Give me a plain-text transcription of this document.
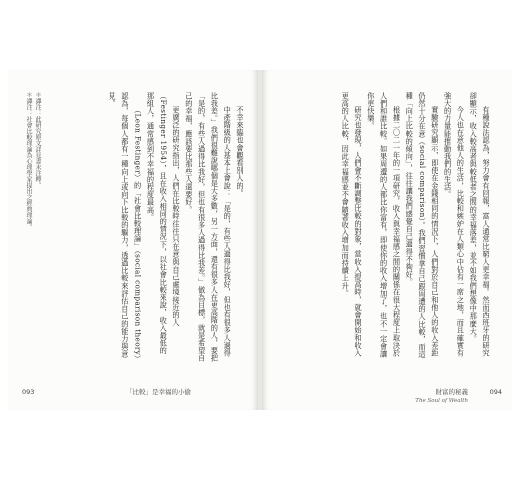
不幸來臨也會觀看別人的。

中產階級的人基本上會說：「是的，有些人過得比我好，但也有很多人過得比我差。」我們很難說哪個是大多數，另一方面，還有很多人在更高階的人，要把「是的，有些人過得比我好，但也有很多人過得比我差。」做為目標，就是希望自己的幸福，應該要比那些人還要好。

更廣泛的研究指出，人們在比較時往往只在意與自己處境接近的人（Festinger 1954），且在收入相同的情況下，以社會比較來說，收入最低的那組人，通常感到不幸福的程度最高。

（Leon Festinger）的「社會比較理論」（social comparison theory）認為，每個人都有一種向上或向下比較的驅力，透過比較來評估自己的能力與意見。

＊譯注：此研究原文詳見書末注釋。
＊譯注：社會比較理論為心理學家提出之經典理論。
093	「比較」是幸福的小偷

有種說法認為，努力會有回報，富人通常比窮人更幸福。然而西班牙的研究卻顯示，收入較高者與較低者之間的幸福落差，並不如我們想像中那麼大。

今人也在意他人的生活，比較和嫉妒在人類心中佔有一席之地，而且確實有強大的力量能推動我們的生活。

實驗研究顯示，即使在金錢相同的情況下，人們對於自己和他人的收入差距仍然十分在意（social comparison）。我們習慣拿自己跟周遭的人比較，而這種「向上比較的傾向」，往往讓我們感覺自己過得不夠好。

根據二〇二一年的一項研究，收入與幸福感之間的關係在很大程度上取決於人們和誰比較。如果周遭的人都比你富有，即使你的收入增加了，也不一定會讓你更快樂。

研究也發現，人們會不斷調整比較的對象，當收入提高時，就會開始和收入更高的人比較，因此幸福感並不會隨著收入增加而持續上升。

財富的秘義
The Soul of Wealth
094
